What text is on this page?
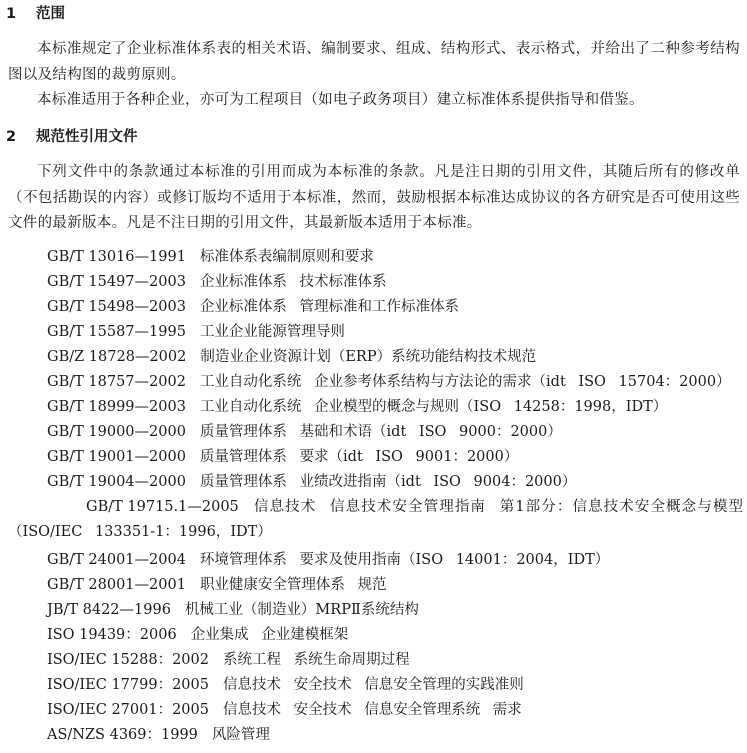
1 范围

本标准规定了企业标准体系表的相关术语、编制要求、组成、结构形式、表示格式，并给出了二种参考结构图以及结构图的裁剪原则。

本标准适用于各种企业，亦可为工程项目（如电子政务项目）建立标准体系提供指导和借鉴。

2 规范性引用文件

下列文件中的条款通过本标准的引用而成为本标准的条款。凡是注日期的引用文件，其随后所有的修改单（不包括勘误的内容）或修订版均不适用于本标准，然而，鼓励根据本标准达成协议的各方研究是否可使用这些文件的最新版本。凡是不注日期的引用文件，其最新版本适用于本标准。

GB/T 13016—1991 标准体系表编制原则和要求
GB/T 15497—2003 企业标准体系 技术标准体系
GB/T 15498—2003 企业标准体系 管理标准和工作标准体系
GB/T 15587—1995 工业企业能源管理导则
GB/Z 18728—2002 制造业企业资源计划（ERP）系统功能结构技术规范
GB/T 18757—2002 工业自动化系统 企业参考体系结构与方法论的需求（idt ISO 15704：2000）
GB/T 18999—2003 工业自动化系统 企业模型的概念与规则（ISO 14258：1998，IDT）
GB/T 19000—2000 质量管理体系 基础和术语（idt ISO 9000：2000）
GB/T 19001—2000 质量管理体系 要求（idt ISO 9001：2000）
GB/T 19004—2000 质量管理体系 业绩改进指南（idt ISO 9004：2000）
GB/T 19715.1—2005 信息技术 信息技术安全管理指南 第1部分：信息技术安全概念与模型（ISO/IEC 133351-1：1996，IDT）
GB/T 24001—2004 环境管理体系 要求及使用指南（ISO 14001：2004，IDT）
GB/T 28001—2001 职业健康安全管理体系 规范
JB/T 8422—1996 机械工业（制造业）MRPⅡ系统结构
ISO 19439：2006 企业集成 企业建模框架
ISO/IEC 15288：2002 系统工程 系统生命周期过程
ISO/IEC 17799：2005 信息技术 安全技术 信息安全管理的实践准则
ISO/IEC 27001：2005 信息技术 安全技术 信息安全管理系统 需求
AS/NZS 4369：1999 风险管理
